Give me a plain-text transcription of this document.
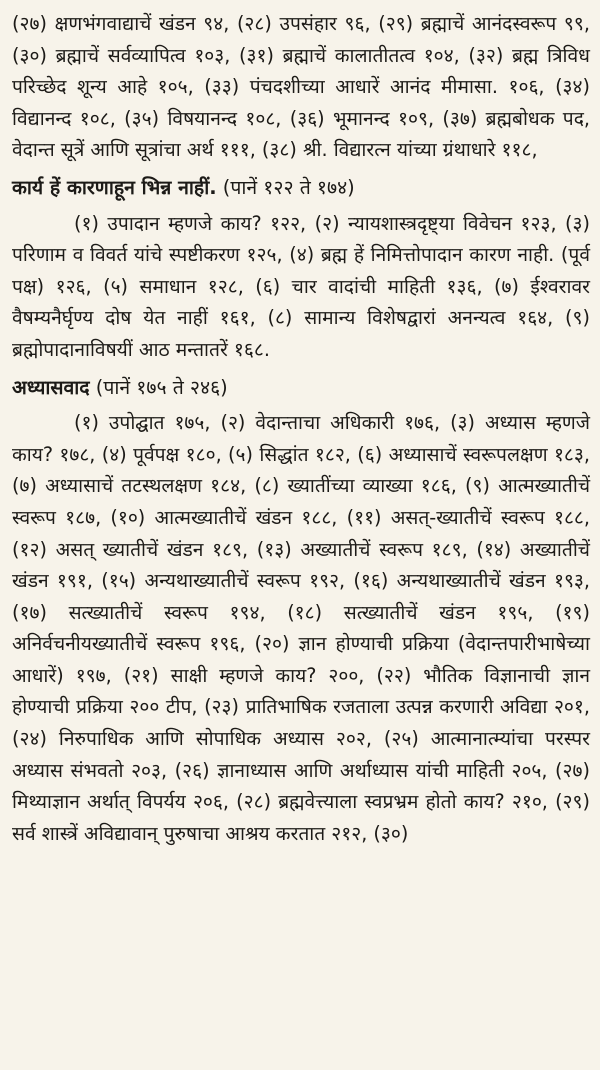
(२७) क्षणभंगवाद्याचें खंडन ९४, (२८) उपसंहार ९६, (२९) ब्रह्माचें आनंदस्वरूप ९९, (३०) ब्रह्माचें सर्वव्यापित्व १०३, (३१) ब्रह्माचें कालातीतत्व १०४, (३२) ब्रह्म त्रिविध परिच्छेद शून्य आहे १०५, (३३) पंचदशीच्या आधारें आनंद मीमासा. १०६, (३४) विद्यानन्द १०८, (३५) विषयानन्द १०८, (३६) भूमानन्द १०९, (३७) ब्रह्मबोधक पद, वेदान्त सूत्रें आणि सूत्रांचा अर्थ १११, (३८) श्री. विद्यारत्न यांच्या ग्रंथाधारे ११८,

कार्य हें कारणाहून भिन्न नाहीं. (पानें १२२ ते १७४)

(१) उपादान म्हणजे काय? १२२, (२) न्यायशास्त्रदृष्ट्या विवेचन १२३, (३) परिणाम व विवर्त यांचे स्पष्टीकरण १२५, (४) ब्रह्म हें निमित्तोपादान कारण नाही. (पूर्व पक्ष) १२६, (५) समाधान १२८, (६) चार वादांची माहिती १३६, (७) ईश्वरावर वैषम्यनैर्घृण्य दोष येत नाहीं १६१, (८) सामान्य विशेषद्वारां अनन्यत्व १६४, (९) ब्रह्मोपादानाविषयीं आठ मन्तातरें १६८.

अध्यासवाद (पानें १७५ ते २४६)

(१) उपोद्घात १७५, (२) वेदान्ताचा अधिकारी १७६, (३) अध्यास म्हणजे काय? १७८, (४) पूर्वपक्ष १८०, (५) सिद्धांत १८२, (६) अध्यासाचें स्वरूपलक्षण १८३, (७) अध्यासाचें तटस्थलक्षण १८४, (८) ख्यातींच्या व्याख्या १८६, (९) आत्मख्यातीचें स्वरूप १८७, (१०) आत्मख्यातीचें खंडन १८८, (११) असत्-ख्यातीचें स्वरूप १८८, (१२) असत् ख्यातीचें खंडन १८९, (१३) अख्यातीचें स्वरूप १८९, (१४) अख्यातीचें खंडन १९१, (१५) अन्यथाख्यातीचें स्वरूप १९२, (१६) अन्यथाख्यातीचें खंडन १९३, (१७) सत्ख्यातीचें स्वरूप १९४, (१८) सत्ख्यातीचें खंडन १९५, (१९) अनिर्वचनीयख्यातीचें स्वरूप १९६, (२०) ज्ञान होण्याची प्रक्रिया (वेदान्तपारीभाषेच्या आधारें) १९७, (२१) साक्षी म्हणजे काय? २००, (२२) भौतिक विज्ञानाची ज्ञान होण्याची प्रक्रिया २०० टीप, (२३) प्रातिभाषिक रजताला उत्पन्न करणारी अविद्या २०१, (२४) निरुपाधिक आणि सोपाधिक अध्यास २०२, (२५) आत्मानात्म्यांचा परस्पर अध्यास संभवतो २०३, (२६) ज्ञानाध्यास आणि अर्थाध्यास यांची माहिती २०५, (२७) मिथ्याज्ञान अर्थात् विपर्यय २०६, (२८) ब्रह्मवेत्त्याला स्वप्रभ्रम होतो काय? २१०, (२९) सर्व शास्त्रें अविद्यावान् पुरुषाचा आश्रय करतात २१२, (३०)
